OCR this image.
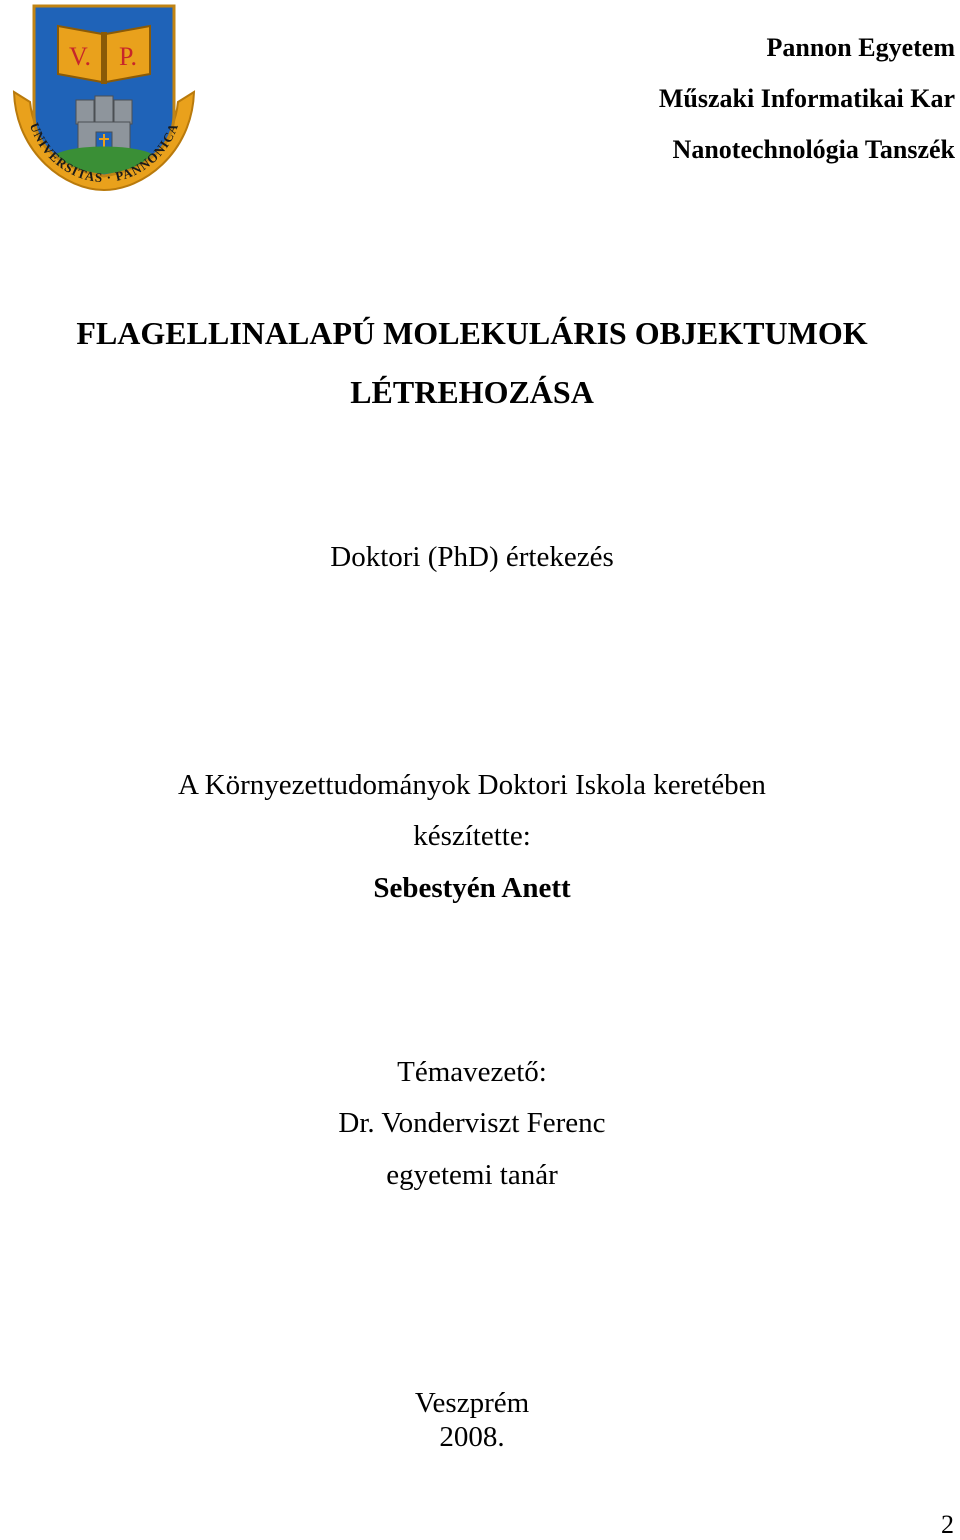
V. P.
UNIVERSITAS · PANNONICA
Pannon Egyetem
Műszaki Informatikai Kar
Nanotechnológia Tanszék
FLAGELLINALAPÚ MOLEKULÁRIS OBJEKTUMOK
LÉTREHOZÁSA
Doktori (PhD) értekezés
A Környezettudományok Doktori Iskola keretében
készítette:
Sebestyén Anett
Témavezető:
Dr. Vonderviszt Ferenc
egyetemi tanár
Veszprém
2008.
2
